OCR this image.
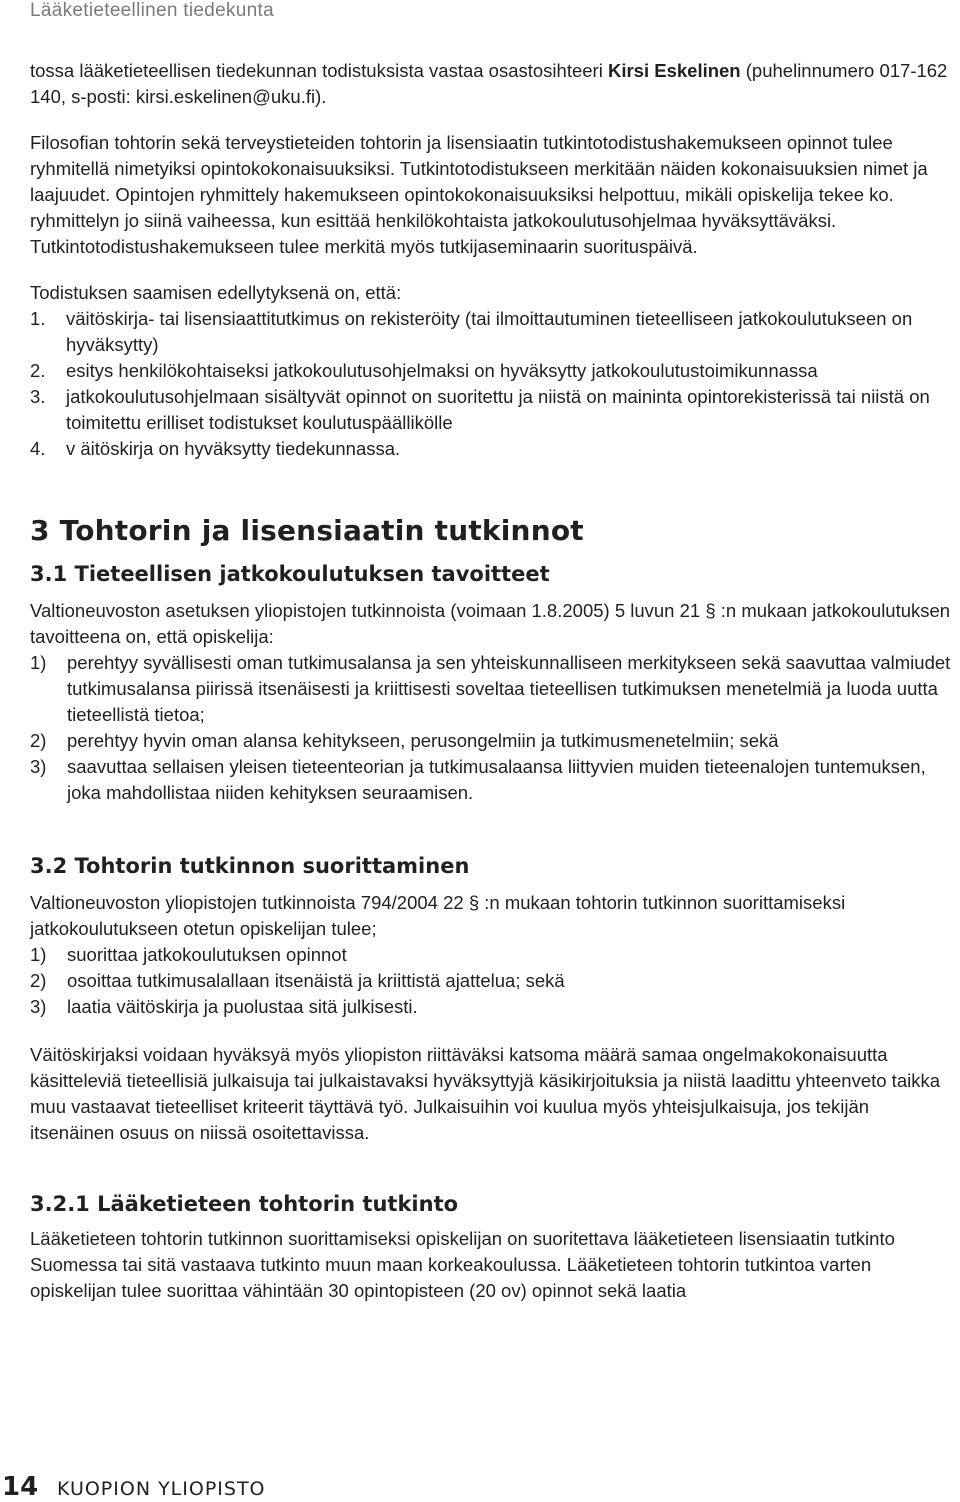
Lääketieteellinen tiedekunta

tossa lääketieteellisen tiedekunnan todistuksista vastaa osastosihteeri Kirsi Eskelinen (puhelinnumero 017-162 140, s-posti: kirsi.eskelinen@uku.fi).

Filosofian tohtorin sekä terveystieteiden tohtorin ja lisensiaatin tutkintotodistushakemukseen opinnot tulee ryhmitellä nimetyiksi opintokokonaisuuksiksi. Tutkintotodistukseen merkitään näiden kokonaisuuksien nimet ja laajuudet. Opintojen ryhmittely hakemukseen opintokokonaisuuksiksi helpottuu, mikäli opiskelija tekee ko. ryhmittelyn jo siinä vaiheessa, kun esittää henkilökohtaista jatkokoulutusohjelmaa hyväksyttäväksi. Tutkintotodistushakemukseen tulee merkitä myös tutkijaseminaarin suorituspäivä.

Todistuksen saamisen edellytyksenä on, että:

1.	väitöskirja- tai lisensiaattitutkimus on rekisteröity (tai ilmoittautuminen tieteelliseen jatkokoulutukseen on hyväksytty)
2.	esitys henkilökohtaiseksi jatkokoulutusohjelmaksi on hyväksytty jatkokoulutustoimikunnassa
3.	jatkokoulutusohjelmaan sisältyvät opinnot on suoritettu ja niistä on maininta opintorekisterissä tai niistä on toimitettu erilliset todistukset koulutuspäällikölle
4.	v äitöskirja on hyväksytty tiedekunnassa.
3 Tohtorin ja lisensiaatin tutkinnot
3.1 Tieteellisen jatkokoulutuksen tavoitteet

Valtioneuvoston asetuksen yliopistojen tutkinnoista (voimaan 1.8.2005) 5 luvun 21 § :n mukaan jatkokoulutuksen tavoitteena on, että opiskelija:

1)	perehtyy syvällisesti oman tutkimusalansa ja sen yhteiskunnalliseen merkitykseen sekä saavuttaa valmiudet tutkimusalansa piirissä itsenäisesti ja kriittisesti soveltaa tieteellisen tutkimuksen menetelmiä ja luoda uutta tieteellistä tietoa;
2)	perehtyy hyvin oman alansa kehitykseen, perusongelmiin ja tutkimusmenetelmiin; sekä
3)	saavuttaa sellaisen yleisen tieteenteorian ja tutkimusalaansa liittyvien muiden tieteenalojen tuntemuksen, joka mahdollistaa niiden kehityksen seuraamisen.
3.2 Tohtorin tutkinnon suorittaminen

Valtioneuvoston yliopistojen tutkinnoista 794/2004 22 § :n mukaan tohtorin tutkinnon suorittamiseksi jatkokoulutukseen otetun opiskelijan tulee;

1)	suorittaa jatkokoulutuksen opinnot
2)	osoittaa tutkimusalallaan itsenäistä ja kriittistä ajattelua; sekä
3)	laatia väitöskirja ja puolustaa sitä julkisesti.

Väitöskirjaksi voidaan hyväksyä myös yliopiston riittäväksi katsoma määrä samaa ongelmakokonaisuutta käsitteleviä tieteellisiä julkaisuja tai julkaistavaksi hyväksyttyjä käsikirjoituksia ja niistä laadittu yhteenveto taikka muu vastaavat tieteelliset kriteerit täyttävä työ. Julkaisuihin voi kuulua myös yhteisjulkaisuja, jos tekijän itsenäinen osuus on niissä osoitettavissa.

3.2.1 Lääketieteen tohtorin tutkinto

Lääketieteen tohtorin tutkinnon suorittamiseksi opiskelijan on suoritettava lääketieteen lisensiaatin tutkinto Suomessa tai sitä vastaava tutkinto muun maan korkeakoulussa. Lääketieteen tohtorin tutkintoa varten opiskelijan tulee suorittaa vähintään 30 opintopisteen (20 ov) opinnot sekä laatia

14 KUOPION YLIOPISTO
